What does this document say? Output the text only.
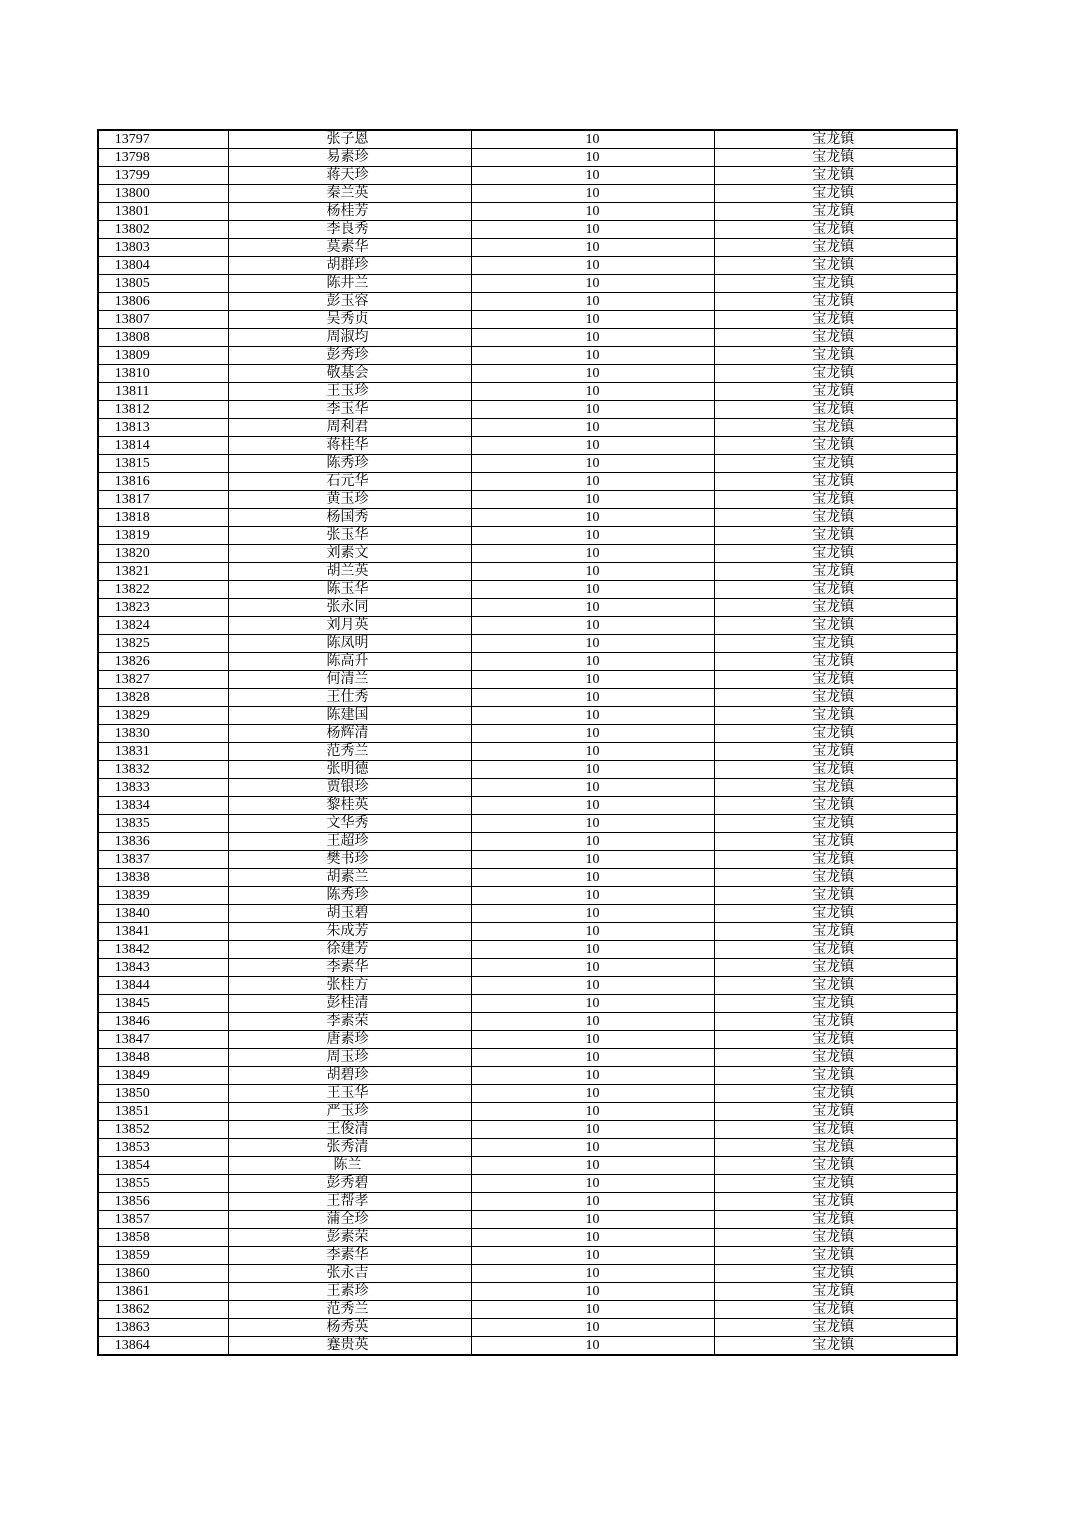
13797	张子恩	10	宝龙镇
13798	易素珍	10	宝龙镇
13799	蒋天珍	10	宝龙镇
13800	秦兰英	10	宝龙镇
13801	杨桂芳	10	宝龙镇
13802	李良秀	10	宝龙镇
13803	莫素华	10	宝龙镇
13804	胡群珍	10	宝龙镇
13805	陈井兰	10	宝龙镇
13806	彭玉容	10	宝龙镇
13807	吴秀贞	10	宝龙镇
13808	周淑均	10	宝龙镇
13809	彭秀珍	10	宝龙镇
13810	敬基会	10	宝龙镇
13811	王玉珍	10	宝龙镇
13812	李玉华	10	宝龙镇
13813	周利君	10	宝龙镇
13814	蒋桂华	10	宝龙镇
13815	陈秀珍	10	宝龙镇
13816	石元华	10	宝龙镇
13817	黄玉珍	10	宝龙镇
13818	杨国秀	10	宝龙镇
13819	张玉华	10	宝龙镇
13820	刘素文	10	宝龙镇
13821	胡兰英	10	宝龙镇
13822	陈玉华	10	宝龙镇
13823	张永同	10	宝龙镇
13824	刘月英	10	宝龙镇
13825	陈凤明	10	宝龙镇
13826	陈高升	10	宝龙镇
13827	何清兰	10	宝龙镇
13828	王仕秀	10	宝龙镇
13829	陈建国	10	宝龙镇
13830	杨辉清	10	宝龙镇
13831	范秀兰	10	宝龙镇
13832	张明德	10	宝龙镇
13833	贾银珍	10	宝龙镇
13834	黎桂英	10	宝龙镇
13835	文华秀	10	宝龙镇
13836	王超珍	10	宝龙镇
13837	樊书珍	10	宝龙镇
13838	胡素兰	10	宝龙镇
13839	陈秀珍	10	宝龙镇
13840	胡玉碧	10	宝龙镇
13841	朱成芳	10	宝龙镇
13842	徐建芳	10	宝龙镇
13843	李素华	10	宝龙镇
13844	张桂方	10	宝龙镇
13845	彭桂清	10	宝龙镇
13846	李素荣	10	宝龙镇
13847	唐素珍	10	宝龙镇
13848	周玉珍	10	宝龙镇
13849	胡碧珍	10	宝龙镇
13850	王玉华	10	宝龙镇
13851	严玉珍	10	宝龙镇
13852	王俊清	10	宝龙镇
13853	张秀清	10	宝龙镇
13854	陈兰	10	宝龙镇
13855	彭秀碧	10	宝龙镇
13856	王帮孝	10	宝龙镇
13857	蒲全珍	10	宝龙镇
13858	彭素荣	10	宝龙镇
13859	李素华	10	宝龙镇
13860	张永吉	10	宝龙镇
13861	王素珍	10	宝龙镇
13862	范秀兰	10	宝龙镇
13863	杨秀英	10	宝龙镇
13864	蹇贵英	10	宝龙镇
